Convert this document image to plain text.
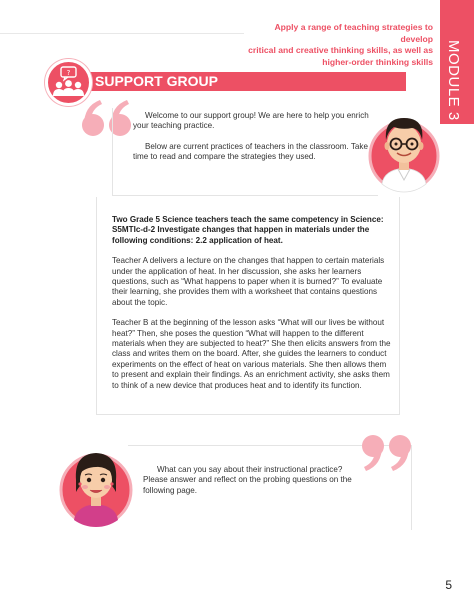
Apply a range of teaching strategies to develop
critical and creative thinking skills, as well as
higher-order thinking skills MODULE 3
SUPPORT GROUP
?

Welcome to our support group! We are here to help you enrich your teaching practice.

Below are current practices of teachers in the classroom. Take time to read and compare the strategies they used.

Two Grade 5 Science teachers teach the same competency in Science: S5MTIc-d-2 Investigate changes that happen in materials under the following conditions: 2.2 application of heat.

Teacher A delivers a lecture on the changes that happen to certain materials under the application of heat. In her discussion, she asks her learners questions, such as “What happens to paper when it is burned?” To evaluate their learning, she provides them with a worksheet that contains questions about the topic.

Teacher B at the beginning of the lesson asks “What will our lives be without heat?” Then, she poses the question “What will happen to the different materials when they are subjected to heat?” She then elicits answers from the class and writes them on the board. After, she guides the learners to conduct experiments on the effect of heat on various materials. She then allows them to present and explain their findings. As an enrichment activity, she asks them to think of a new device that produces heat and to identify its function.

What can you say about their instructional practice? Please answer and reflect on the probing questions on the following page.

5
